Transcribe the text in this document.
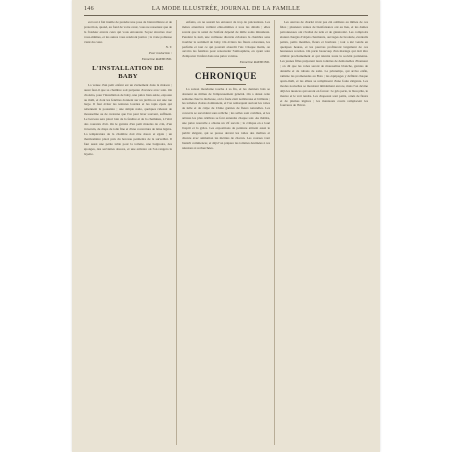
146	LA MODE ILLUSTRÉE, JOURNAL DE LA FAMILLE

est tout à fait inutile de prendre une pose de bienveillance et de protection, quand, au fond de votre cœur, vous ne ressentez que de la froideur envers ceux qui vous entourent. Soyez sincères avec vous-mêmes, et les autres vous rendront justice ; la vraie politesse vient du cœur.

N. T.
Pour traduction :
Emmeline RAYMOND.
L'INSTALLATION DE BABY

La venue d'un petit enfant est un événement dans la maison ; aussi faut-il que sa chambre soit préparée d'avance avec soin. On choisira, pour l'installation de baby, une pièce bien aérée, exposée au midi, et dont les fenêtres donnent sur un jardin ou sur une rue large. Il faut éviter les tentures lourdes et les tapis épais qui retiennent la poussière ; une simple natte, quelques rideaux de mousseline ou de cretonne que l'on peut laver souvent, suffisent. Le berceau sera placé loin de la fenêtre et de la cheminée, à l'abri des courants d'air. On le garnira d'un petit matelas de crin, d'un traversin, de draps de toile fine et d'une couverture de laine légère. La température de la chambre doit être douce et égale ; un thermomètre placé près du berceau permettra de la surveiller. Il faut aussi une petite table pour la toilette, une baignoire, des éponges, des serviettes douces, et une armoire où l'on rangera la layette.

enfants, on ne saurait les entourer de trop de précautions. Les mères attentives veillent elles-mêmes à tous les détails ; elles savent que la santé de l'enfant dépend de mille soins minutieux. Pendant la nuit, une veilleuse discrète éclairera la chambre sans troubler le sommeil de baby. On évitera les fleurs odorantes, les parfums et tout ce qui pourrait alourdir l'air. Chaque matin, on ouvrira les fenêtres pour renouveler l'atmosphère, en ayant soin d'emporter l'enfant dans une pièce voisine.

Emmeline RAYMOND.
CHRONIQUE

La saison mondaine touche à sa fin, et les derniers bals se donnent au milieu de l'empressement général. On a dansé cette semaine chez la duchesse, où la foule était nombreuse et brillante ; les toilettes claires dominaient, et l'on remarquait surtout les robes de tulle et de crêpe de Chine garnies de fleurs naturelles. Les concerts se succèdent sans relâche ; les salles sont combles, et les artistes les plus célèbres se font entendre chaque soir. Au théâtre, une pièce nouvelle a obtenu un vif succès ; la critique en a loué l'esprit et la grâce. Les expositions de peinture attirent aussi le public élégant, qui se presse devant les toiles des maîtres et discute avec animation les mérites de chacun. Les courses vont bientôt commencer, et déjà l'on prépare les toilettes destinées à ces réunions si recherchées.

Les œuvres de charité n'ont pas été oubliées au milieu de ces fêtes ; plusieurs ventes de bienfaisance ont eu lieu, et les dames patronnesses ont rivalisé de zèle et de générosité. Les comptoirs étaient chargés d'objets charmants, ouvrages de broderie, éventails peints, petits meubles, fleurs et bonbons ; tout a été vendu en quelques heures, et les pauvres profiteront largement de ces heureuses recettes. On parle beaucoup d'un mariage qui doit être célébré prochainement et qui réunira toute la société parisienne. Les jeunes filles préparent leurs toilettes de demoiselles d'honneur ; on dit que les robes seront de mousseline blanche, garnies de dentelle et de rubans de satin. Le printemps, qui arrive enfin, ramène les promenades au Bois ; les équipages y défilent chaque après-midi, et les allées se remplissent d'une foule élégante. Les modes nouvelles se montrent timidement encore, mais l'on devine déjà les nuances qui seront en faveur : le gris perle, le bleu pâle, le mauve et le vert tendre. Les chapeaux sont petits, ornés de fleurs et de plumes légères ; les manteaux courts remplacent les fourrures de l'hiver.
